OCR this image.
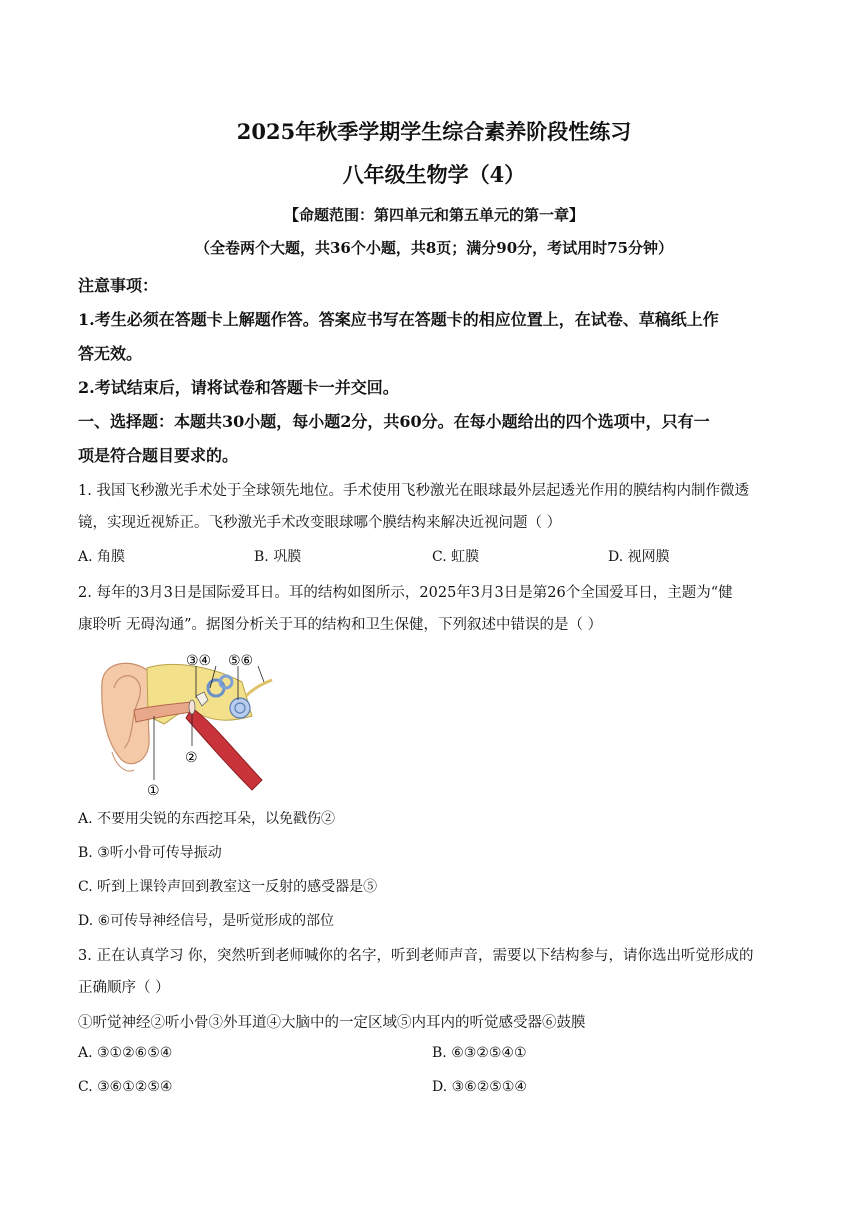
2025年秋季学期学生综合素养阶段性练习
八年级生物学（4）
【命题范围：第四单元和第五单元的第一章】
（全卷两个大题，共36个小题，共8页；满分90分，考试用时75分钟）
注意事项：
1.考生必须在答题卡上解题作答。答案应书写在答题卡的相应位置上，在试卷、草稿纸上作
答无效。
2.考试结束后，请将试卷和答题卡一并交回。
一、选择题：本题共30小题，每小题2分，共60分。在每小题给出的四个选项中，只有一
项是符合题目要求的。
1. 我国飞秒激光手术处于全球领先地位。手术使用飞秒激光在眼球最外层起透光作用的膜结构内制作微透
镜，实现近视矫正。飞秒激光手术改变眼球哪个膜结构来解决近视问题（ ）
A. 角膜	B. 巩膜	C. 虹膜	D. 视网膜
2. 每年的3月3日是国际爱耳日。耳的结构如图所示，2025年3月3日是第26个全国爱耳日，主题为“健
康聆听 无碍沟通”。据图分析关于耳的结构和卫生保健，下列叙述中错误的是（ ）
③④ ⑤⑥
②
①
A. 不要用尖锐的东西挖耳朵，以免戳伤②
B. ③听小骨可传导振动
C. 听到上课铃声回到教室这一反射的感受器是⑤
D. ⑥可传导神经信号，是听觉形成的部位
3. 正在认真学习 你，突然听到老师喊你的名字，听到老师声音，需要以下结构参与，请你选出听觉形成的
正确顺序（ ）
①听觉神经②听小骨③外耳道④大脑中的一定区域⑤内耳内的听觉感受器⑥鼓膜
A. ③①②⑥⑤④	B. ⑥③②⑤④①
C. ③⑥①②⑤④	D. ③⑥②⑤①④
